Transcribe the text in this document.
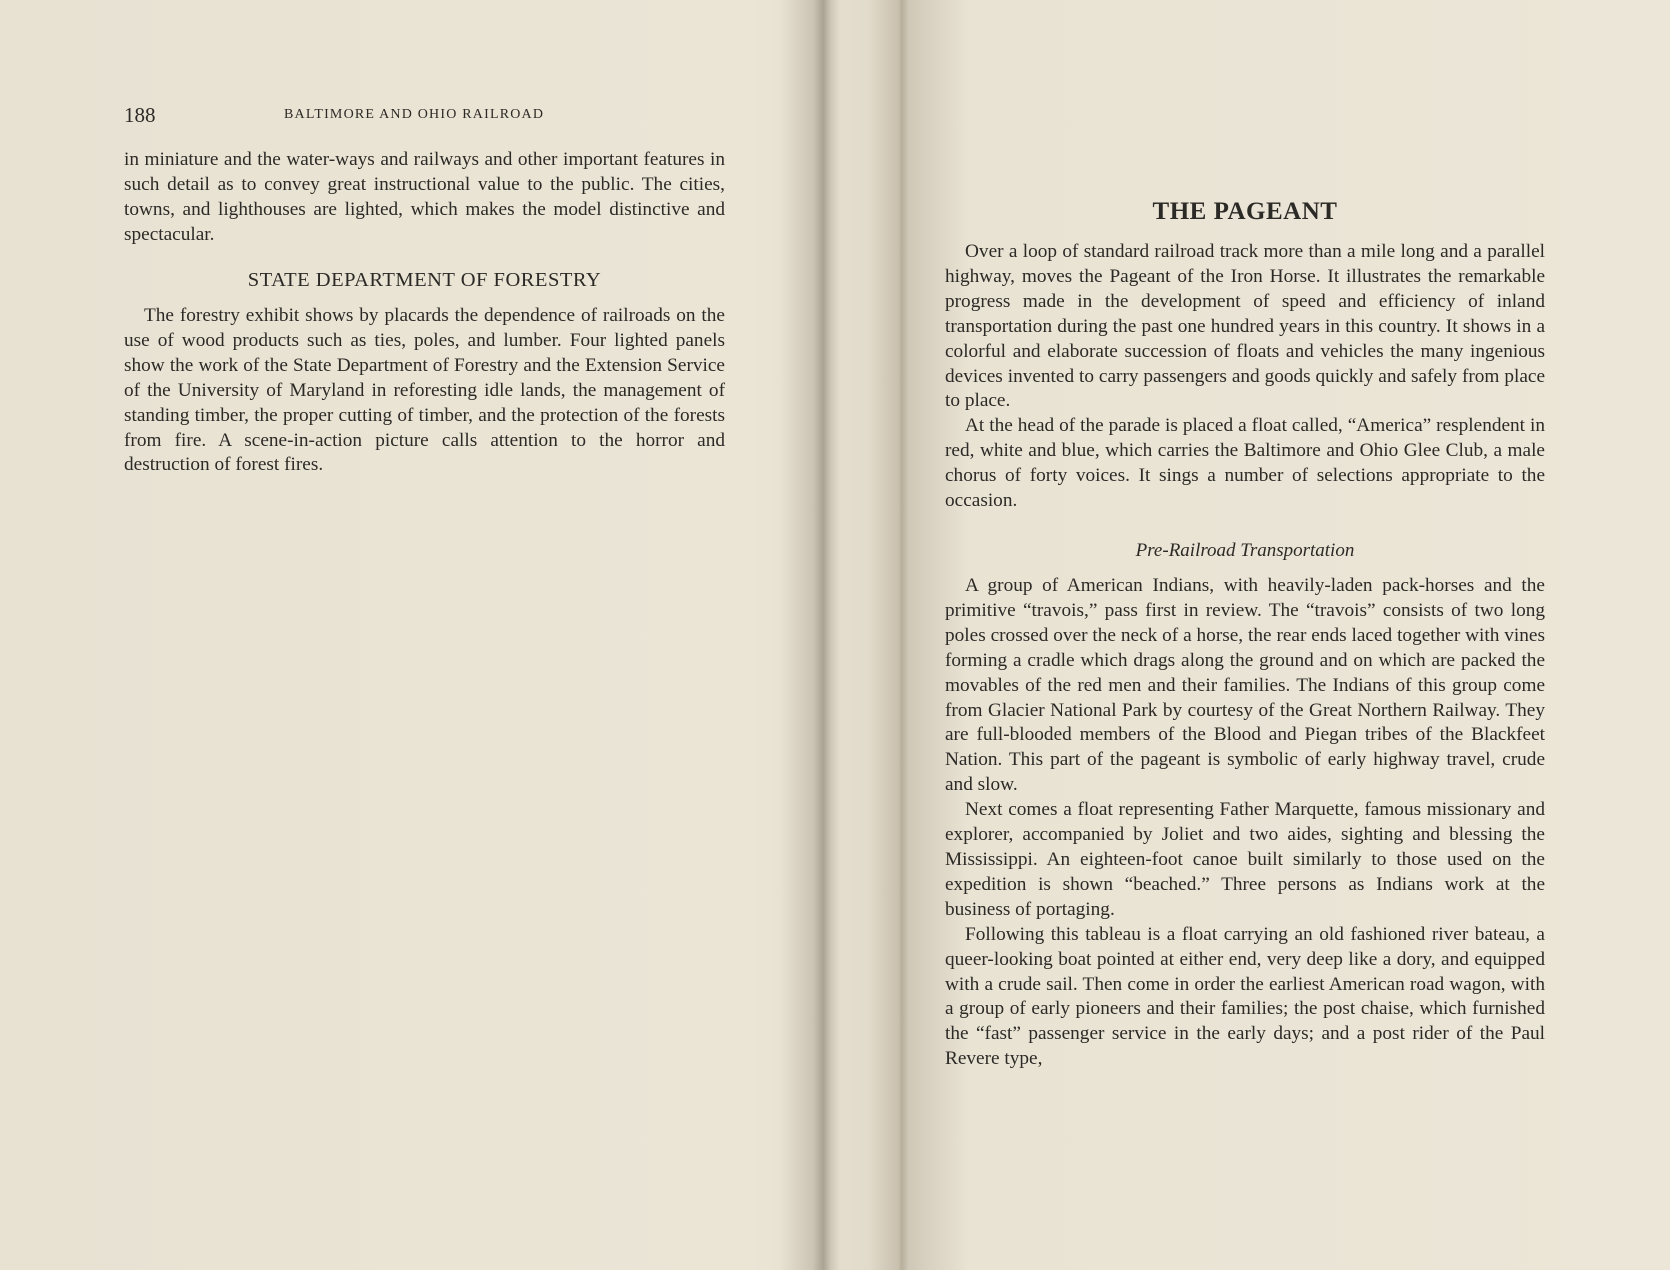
188	BALTIMORE AND OHIO RAILROAD

in miniature and the water-ways and railways and other important features in such detail as to convey great instructional value to the public. The cities, towns, and lighthouses are lighted, which makes the model distinctive and spectacular.

STATE DEPARTMENT OF FORESTRY

The forestry exhibit shows by placards the dependence of railroads on the use of wood products such as ties, poles, and lumber. Four lighted panels show the work of the State Department of Forestry and the Extension Service of the University of Maryland in reforesting idle lands, the management of standing timber, the proper cutting of timber, and the protection of the forests from fire. A scene-in-action picture calls attention to the horror and destruction of forest fires.

THE PAGEANT

Over a loop of standard railroad track more than a mile long and a parallel highway, moves the Pageant of the Iron Horse. It illustrates the remarkable progress made in the development of speed and efficiency of inland transportation during the past one hundred years in this country. It shows in a colorful and elaborate succession of floats and vehicles the many ingenious devices invented to carry passengers and goods quickly and safely from place to place.

At the head of the parade is placed a float called, “America” resplendent in red, white and blue, which carries the Baltimore and Ohio Glee Club, a male chorus of forty voices. It sings a number of selections appropriate to the occasion.

Pre-Railroad Transportation

A group of American Indians, with heavily-laden pack-horses and the primitive “travois,” pass first in review. The “travois” consists of two long poles crossed over the neck of a horse, the rear ends laced together with vines forming a cradle which drags along the ground and on which are packed the movables of the red men and their families. The Indians of this group come from Glacier National Park by courtesy of the Great Northern Railway. They are full-blooded members of the Blood and Piegan tribes of the Blackfeet Nation. This part of the pageant is symbolic of early highway travel, crude and slow.

Next comes a float representing Father Marquette, famous missionary and explorer, accompanied by Joliet and two aides, sighting and blessing the Mississippi. An eighteen-foot canoe built similarly to those used on the expedition is shown “beached.” Three persons as Indians work at the business of portaging.

Following this tableau is a float carrying an old fashioned river bateau, a queer-looking boat pointed at either end, very deep like a dory, and equipped with a crude sail. Then come in order the earliest American road wagon, with a group of early pioneers and their families; the post chaise, which furnished the “fast” passenger service in the early days; and a post rider of the Paul Revere type,
